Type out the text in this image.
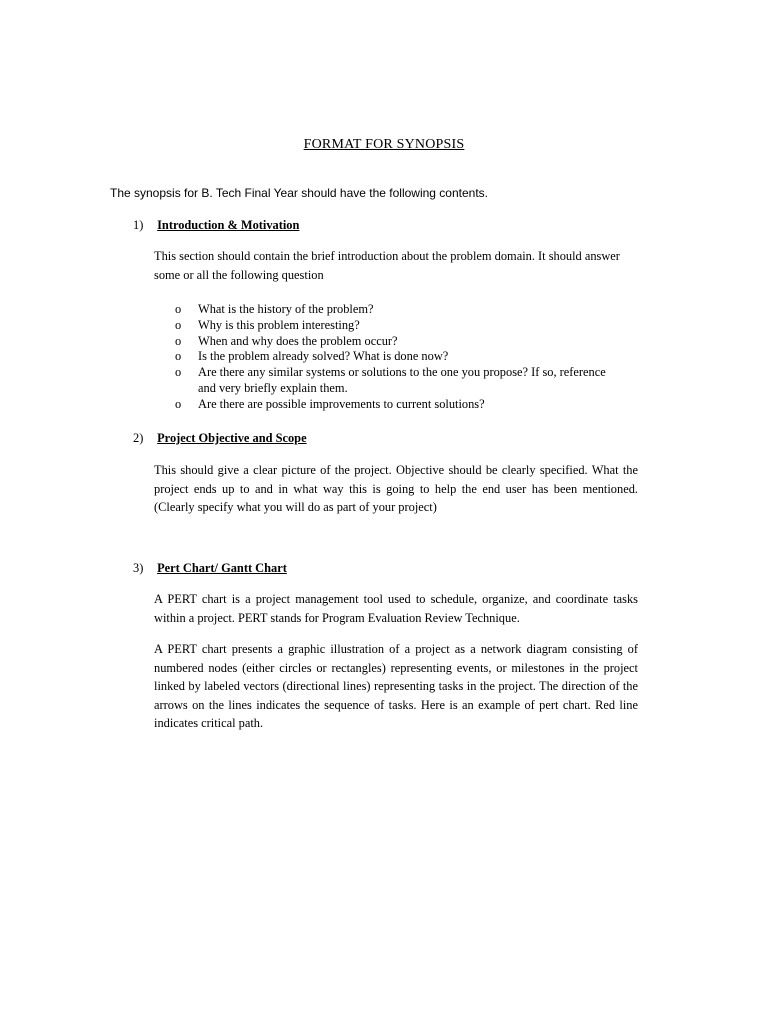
FORMAT FOR SYNOPSIS
The synopsis for B. Tech Final Year should have the following contents.
1) Introduction & Motivation
This section should contain the brief introduction about the problem domain. It should answer some or all the following question
o What is the history of the problem?
o Why is this problem interesting?
o When and why does the problem occur?
o Is the problem already solved? What is done now?
o Are there any similar systems or solutions to the one you propose? If so, reference and very briefly explain them.
o Are there are possible improvements to current solutions?
2) Project Objective and Scope
This should give a clear picture of the project. Objective should be clearly specified. What the project ends up to and in what way this is going to help the end user has been mentioned. (Clearly specify what you will do as part of your project)
3) Pert Chart/ Gantt Chart
A PERT chart is a project management tool used to schedule, organize, and coordinate tasks within a project. PERT stands for Program Evaluation Review Technique.
A PERT chart presents a graphic illustration of a project as a network diagram consisting of numbered nodes (either circles or rectangles) representing events, or milestones in the project linked by labeled vectors (directional lines) representing tasks in the project. The direction of the arrows on the lines indicates the sequence of tasks. Here is an example of pert chart. Red line indicates critical path.
